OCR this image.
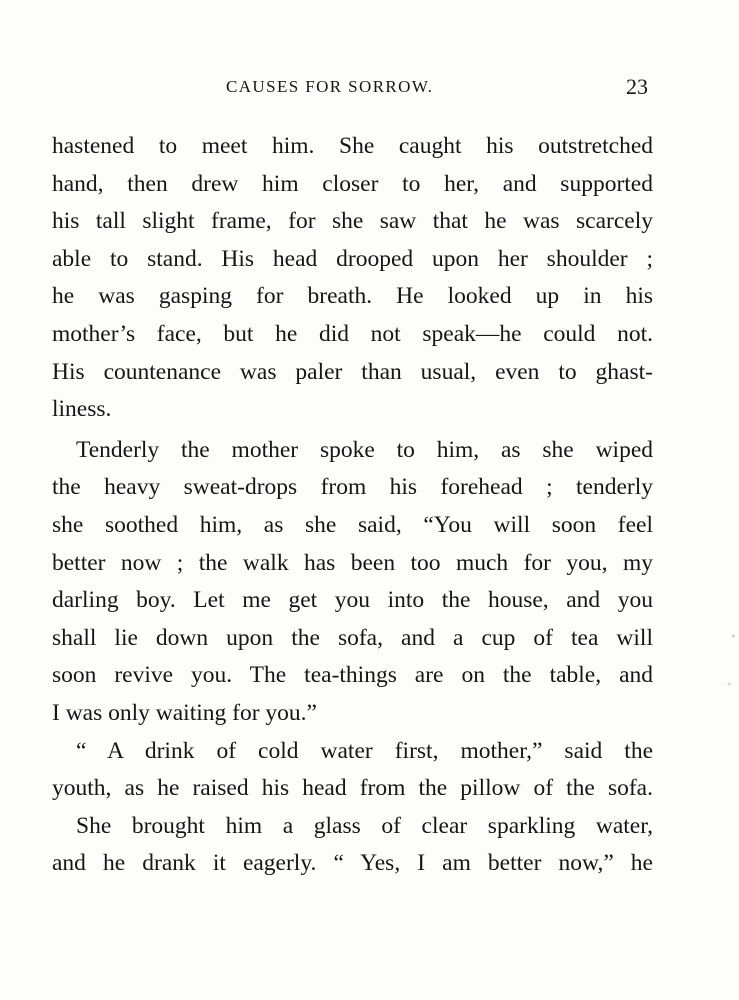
CAUSES FOR SORROW.	23
hastened to meet him. She caught his outstretched
hand, then drew him closer to her, and supported
his tall slight frame, for she saw that he was scarcely
able to stand. His head drooped upon her shoulder ;
he was gasping for breath. He looked up in his
mother’s face, but he did not speak—he could not.
His countenance was paler than usual, even to ghast-
liness.
Tenderly the mother spoke to him, as she wiped
the heavy sweat-drops from his forehead ; tenderly
she soothed him, as she said, “You will soon feel
better now ; the walk has been too much for you, my
darling boy. Let me get you into the house, and you
shall lie down upon the sofa, and a cup of tea will
soon revive you. The tea-things are on the table, and
I was only waiting for you.”
“ A drink of cold water first, mother,” said the
youth, as he raised his head from the pillow of the sofa.
She brought him a glass of clear sparkling water,
and he drank it eagerly. “ Yes, I am better now,” he
